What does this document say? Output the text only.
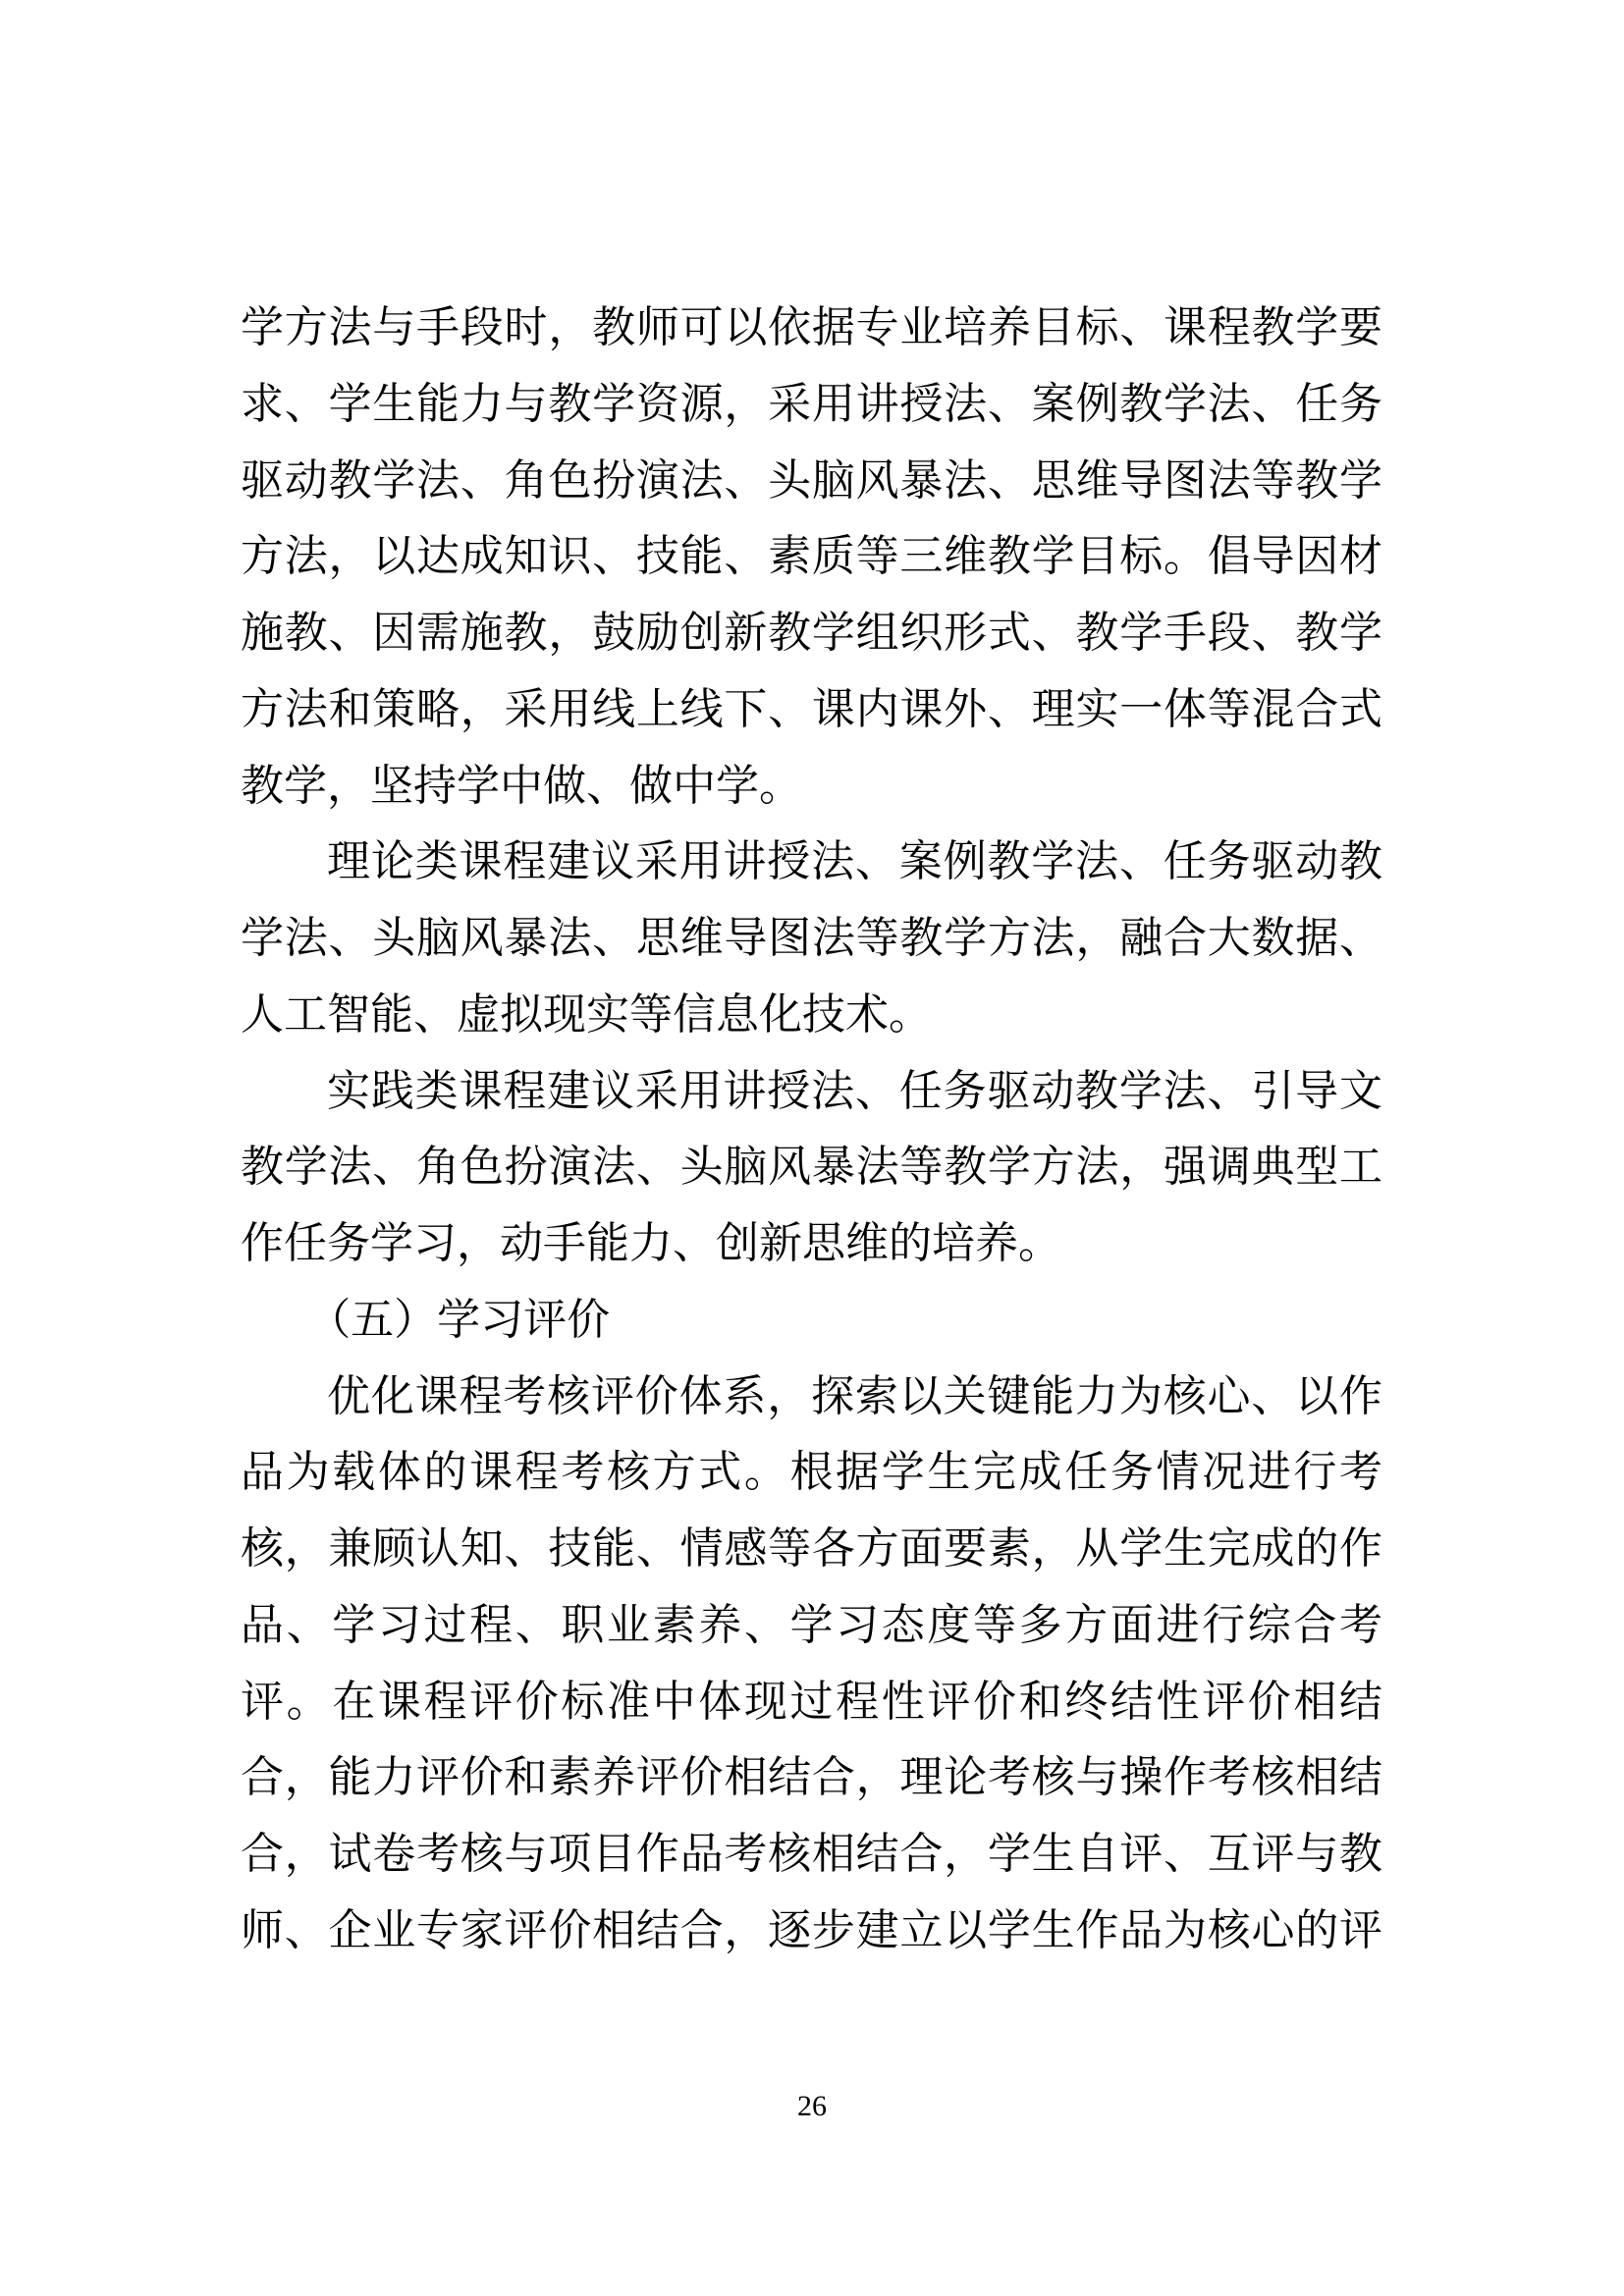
学方法与手段时，教师可以依据专业培养目标、课程教学要
求、学生能力与教学资源，采用讲授法、案例教学法、任务
驱动教学法、角色扮演法、头脑风暴法、思维导图法等教学
方法，以达成知识、技能、素质等三维教学目标。倡导因材
施教、因需施教，鼓励创新教学组织形式、教学手段、教学
方法和策略，采用线上线下、课内课外、理实一体等混合式
教学，坚持学中做、做中学。
理论类课程建议采用讲授法、案例教学法、任务驱动教
学法、头脑风暴法、思维导图法等教学方法，融合大数据、
人工智能、虚拟现实等信息化技术。
实践类课程建议采用讲授法、任务驱动教学法、引导文
教学法、角色扮演法、头脑风暴法等教学方法，强调典型工
作任务学习，动手能力、创新思维的培养。
（五）学习评价
优化课程考核评价体系，探索以关键能力为核心、以作
品为载体的课程考核方式。根据学生完成任务情况进行考
核，兼顾认知、技能、情感等各方面要素，从学生完成的作
品、学习过程、职业素养、学习态度等多方面进行综合考
评。在课程评价标准中体现过程性评价和终结性评价相结
合，能力评价和素养评价相结合，理论考核与操作考核相结
合，试卷考核与项目作品考核相结合，学生自评、互评与教
师、企业专家评价相结合，逐步建立以学生作品为核心的评
26
